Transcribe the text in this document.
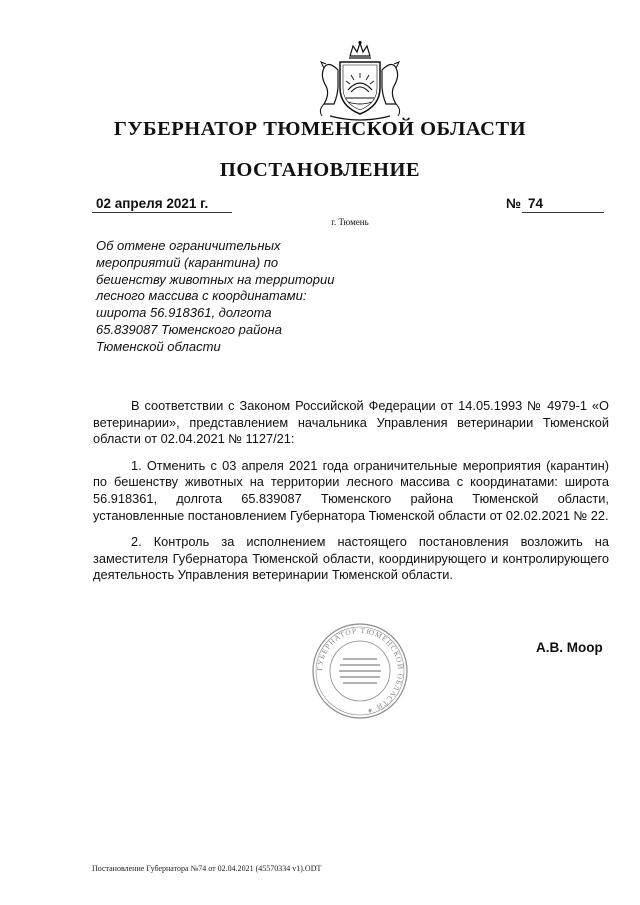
ГУБЕРНАТОР ТЮМЕНСКОЙ ОБЛАСТИ
ПОСТАНОВЛЕНИЕ
02 апреля 2021 г.	№ 74
г. Тюмень
Об отмене ограничительных
мероприятий (карантина) по
бешенству животных на территории
лесного массива с координатами:
широта 56.918361, долгота
65.839087 Тюменского района
Тюменской области

В соответствии с Законом Российской Федерации от 14.05.1993 № 4979-1 «О ветеринарии», представлением начальника Управления ветеринарии Тюменской области от 02.04.2021 № 1127/21:

1. Отменить с 03 апреля 2021 года ограничительные мероприятия (карантин) по бешенству животных на территории лесного массива с координатами: широта 56.918361, долгота 65.839087 Тюменского района Тюменской области, установленные постановлением Губернатора Тюменской области от 02.02.2021 № 22.

2. Контроль за исполнением настоящего постановления возложить на заместителя Губернатора Тюменской области, координирующего и контролирующего деятельность Управления ветеринарии Тюменской области.

ГУБЕРНАТОР ТЮМЕНСКОЙ ОБЛАСТИ ✶
А.В. Моор
Постановление Губернатора №74 от 02.04.2021 (45570334 v1).ODT
